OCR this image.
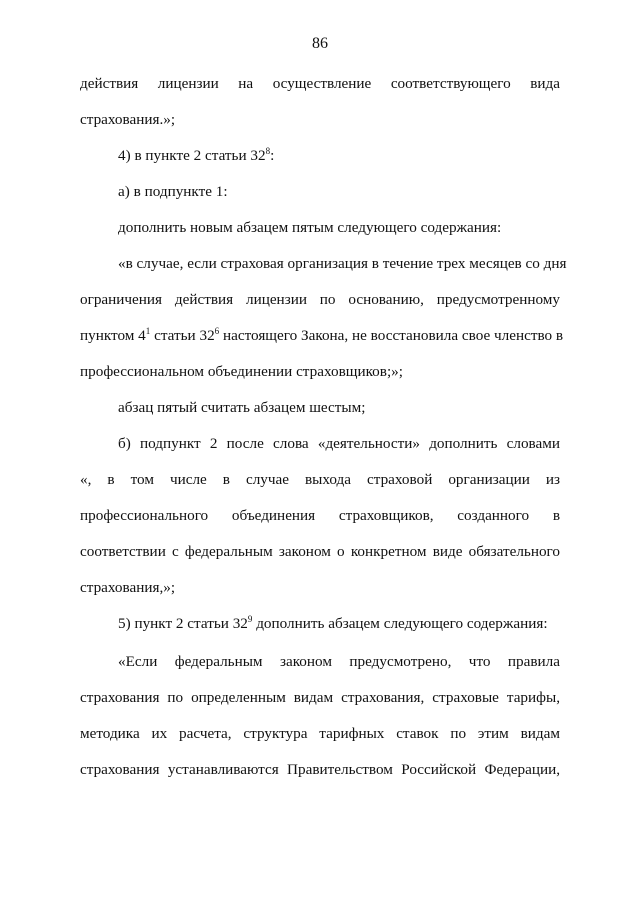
86
действия лицензии на осуществление соответствующего вида
страхования.»;
4) в пункте 2 статьи $32^8$:
а) в подпункте 1:
дополнить новым абзацем пятым следующего содержания:
«в случае, если страховая организация в течение трех месяцев со дня
ограничения действия лицензии по основанию, предусмотренному
пунктом $4^1$ статьи $32^6$ настоящего Закона, не восстановила свое членство в
профессиональном объединении страховщиков;»;
абзац пятый считать абзацем шестым;
б) подпункт 2 после слова «деятельности» дополнить словами
«, в том числе в случае выхода страховой организации из
профессионального объединения страховщиков, созданного в
соответствии с федеральным законом о конкретном виде обязательного
страхования,»;
5) пункт 2 статьи $32^9$ дополнить абзацем следующего содержания:
«Если федеральным законом предусмотрено, что правила
страхования по определенным видам страхования, страховые тарифы,
методика их расчета, структура тарифных ставок по этим видам
страхования устанавливаются Правительством Российской Федерации,
